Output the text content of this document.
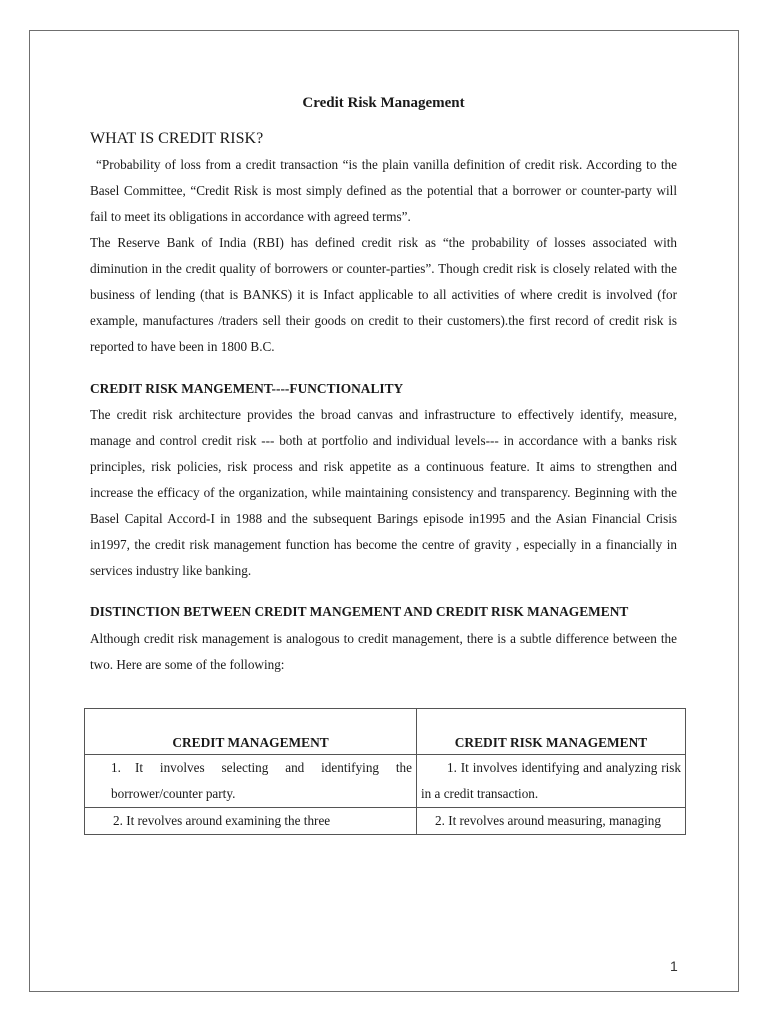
Credit Risk Management
WHAT IS CREDIT RISK?

“Probability of loss from a credit transaction “is the plain vanilla definition of credit risk. According to the Basel Committee, “Credit Risk is most simply defined as the potential that a borrower or counter-party will fail to meet its obligations in accordance with agreed terms”.

The Reserve Bank of India (RBI) has defined credit risk as “the probability of losses associated with diminution in the credit quality of borrowers or counter-parties”. Though credit risk is closely related with the business of lending (that is BANKS) it is Infact applicable to all activities of where credit is involved (for example, manufactures /traders sell their goods on credit to their customers).the first record of credit risk is reported to have been in 1800 B.C.

CREDIT RISK MANGEMENT----FUNCTIONALITY

The credit risk architecture provides the broad canvas and infrastructure to effectively identify, measure, manage and control credit risk --- both at portfolio and individual levels--- in accordance with a banks risk principles, risk policies, risk process and risk appetite as a continuous feature. It aims to strengthen and increase the efficacy of the organization, while maintaining consistency and transparency. Beginning with the Basel Capital Accord-I in 1988 and the subsequent Barings episode in1995 and the Asian Financial Crisis in1997, the credit risk management function has become the centre of gravity , especially in a financially in services industry like banking.

DISTINCTION BETWEEN CREDIT MANGEMENT AND CREDIT RISK MANAGEMENT

Although credit risk management is analogous to credit management, there is a subtle difference between the two. Here are some of the following:

CREDIT MANAGEMENT	CREDIT RISK MANAGEMENT

1. It involves selecting and identifying the borrower/counter party.	1. It involves identifying and analyzing risk in a credit transaction.
2. It revolves around examining the three	2. It revolves around measuring, managing
1
